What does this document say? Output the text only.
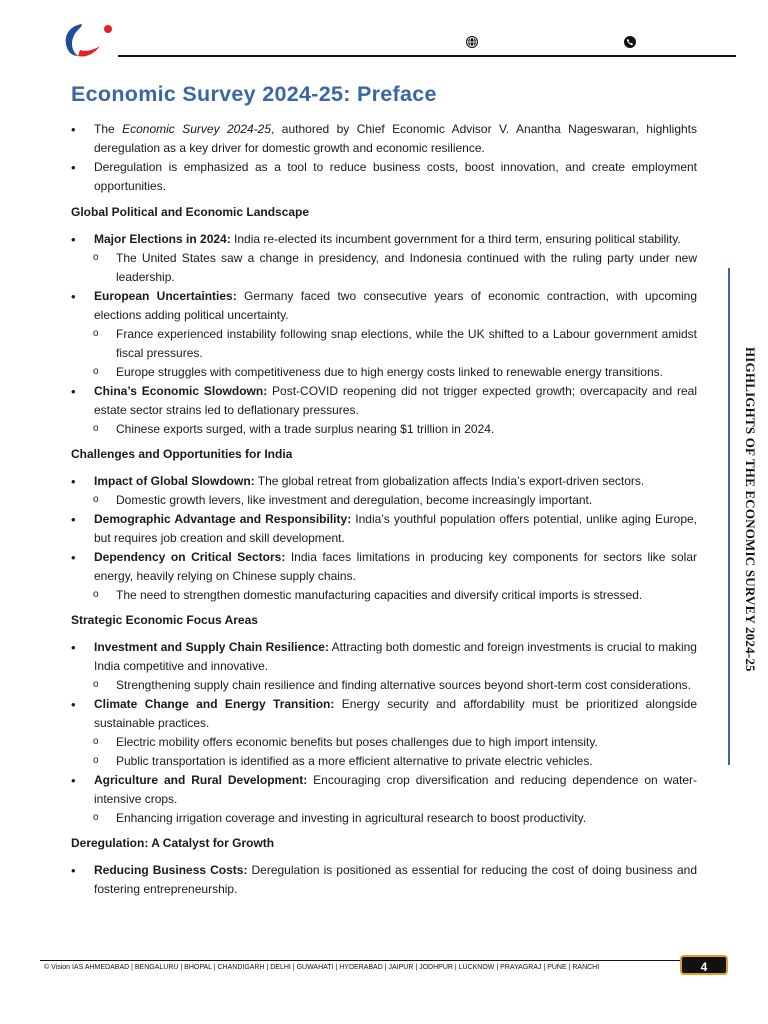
Economic Survey 2024-25: Preface
• The Economic Survey 2024-25, authored by Chief Economic Advisor V. Anantha Nageswaran, highlights deregulation as a key driver for domestic growth and economic resilience.
• Deregulation is emphasized as a tool to reduce business costs, boost innovation, and create employment opportunities.
Global Political and Economic Landscape
• Major Elections in 2024: India re-elected its incumbent government for a third term, ensuring political stability.
o The United States saw a change in presidency, and Indonesia continued with the ruling party under new leadership.
• European Uncertainties: Germany faced two consecutive years of economic contraction, with upcoming elections adding political uncertainty.
o France experienced instability following snap elections, while the UK shifted to a Labour government amidst fiscal pressures.
o Europe struggles with competitiveness due to high energy costs linked to renewable energy transitions.
• China’s Economic Slowdown: Post-COVID reopening did not trigger expected growth; overcapacity and real estate sector strains led to deflationary pressures.
o Chinese exports surged, with a trade surplus nearing $1 trillion in 2024.
Challenges and Opportunities for India
• Impact of Global Slowdown: The global retreat from globalization affects India’s export-driven sectors.
o Domestic growth levers, like investment and deregulation, become increasingly important.
• Demographic Advantage and Responsibility: India’s youthful population offers potential, unlike aging Europe, but requires job creation and skill development.
• Dependency on Critical Sectors: India faces limitations in producing key components for sectors like solar energy, heavily relying on Chinese supply chains.
o The need to strengthen domestic manufacturing capacities and diversify critical imports is stressed.
Strategic Economic Focus Areas
• Investment and Supply Chain Resilience: Attracting both domestic and foreign investments is crucial to making India competitive and innovative.
o Strengthening supply chain resilience and finding alternative sources beyond short-term cost considerations.
• Climate Change and Energy Transition: Energy security and affordability must be prioritized alongside sustainable practices.
o Electric mobility offers economic benefits but poses challenges due to high import intensity.
o Public transportation is identified as a more efficient alternative to private electric vehicles.
• Agriculture and Rural Development: Encouraging crop diversification and reducing dependence on water-intensive crops.
o Enhancing irrigation coverage and investing in agricultural research to boost productivity.
Deregulation: A Catalyst for Growth
• Reducing Business Costs: Deregulation is positioned as essential for reducing the cost of doing business and fostering entrepreneurship.
HIGHLIGHTS OF THE ECONOMIC SURVEY 2024-25
© Vision IAS AHMEDABAD | BENGALURU | BHOPAL | CHANDIGARH | DELHI | GUWAHATI | HYDERABAD | JAIPUR | JODHPUR | LUCKNOW | PRAYAGRAJ | PUNE | RANCHI	4
